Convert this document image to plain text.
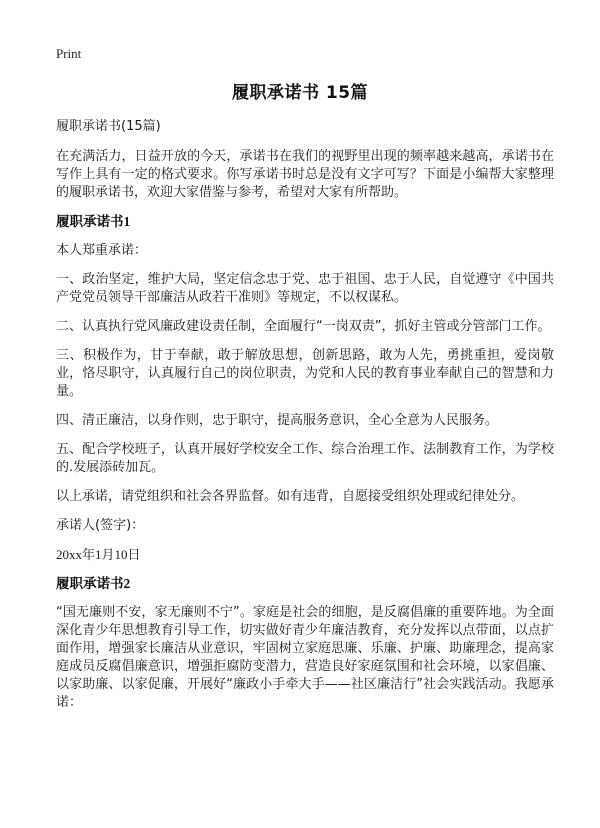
Print
履职承诺书 15篇
履职承诺书(15篇)

在充满活力，日益开放的今天，承诺书在我们的视野里出现的频率越来越高，承诺书在写作上具有一定的格式要求。你写承诺书时总是没有文字可写？下面是小编帮大家整理的履职承诺书，欢迎大家借鉴与参考，希望对大家有所帮助。

履职承诺书1

本人郑重承诺：

一、政治坚定，维护大局，坚定信念忠于党、忠于祖国、忠于人民，自觉遵守《中国共产党党员领导干部廉洁从政若干准则》等规定，不以权谋私。

二、认真执行党风廉政建设责任制，全面履行“一岗双责”，抓好主管或分管部门工作。

三、积极作为，甘于奉献，敢于解放思想，创新思路，敢为人先，勇挑重担，爱岗敬业，恪尽职守，认真履行自己的岗位职责，为党和人民的教育事业奉献自己的智慧和力量。

四、清正廉洁，以身作则，忠于职守，提高服务意识，全心全意为人民服务。

五、配合学校班子，认真开展好学校安全工作、综合治理工作、法制教育工作，为学校的.发展添砖加瓦。

以上承诺，请党组织和社会各界监督。如有违背，自愿接受组织处理或纪律处分。

承诺人(签字)：

20xx年1月10日

履职承诺书2

“国无廉则不安，家无廉则不宁”。家庭是社会的细胞，是反腐倡廉的重要阵地。为全面深化青少年思想教育引导工作，切实做好青少年廉洁教育，充分发挥以点带面，以点扩面作用，增强家长廉洁从业意识，牢固树立家庭思廉、乐廉、护廉、助廉理念，提高家庭成员反腐倡廉意识，增强拒腐防变潜力，营造良好家庭氛围和社会环境，以家倡廉、以家助廉、以家促廉，开展好“廉政小手牵大手——社区廉洁行”社会实践活动。我愿承诺：
